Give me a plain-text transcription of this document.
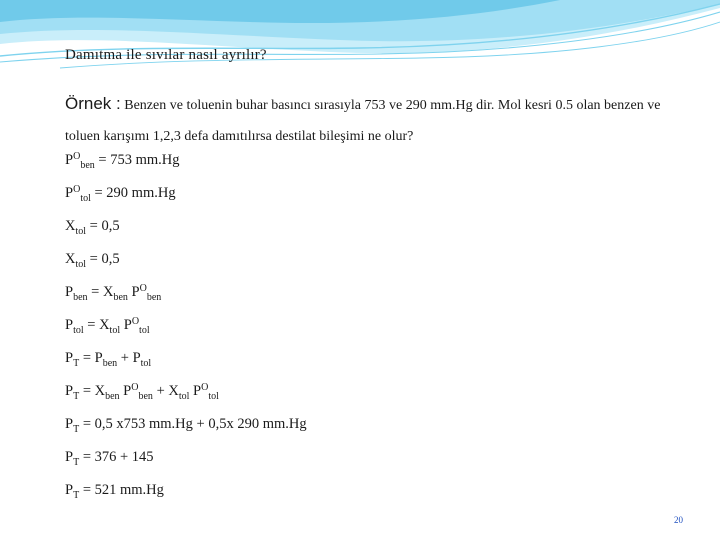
Damıtma ile sıvılar nasıl ayrılır?
Örnek : Benzen ve toluenin buhar basıncı sırasıyla 753 ve 290 mm.Hg dir. Mol kesri 0.5 olan benzen ve toluen karışımı 1,2,3 defa damıtılırsa destilat bileşimi ne olur?
$P^O_{ben} = 753$ mm.Hg
$P^O_{tol} = 290$ mm.Hg
$X_{tol} = 0,5$
$X_{tol} = 0,5$
$P_{ben} = X_{ben}$ $P^O_{ben}$
$P_{tol} = X_{tol}$ $P^O_{tol}$
$P_T = P_{ben} + P_{tol}$
$P_T = X_{ben}$ $P^O_{ben} + X_{tol}$ $P^O_{tol}$
$P_T = 0,5$ x753 mm.Hg + 0,5x 290 mm.Hg
$P_T = 376 + 145$
$P_T = 521$ mm.Hg
20
